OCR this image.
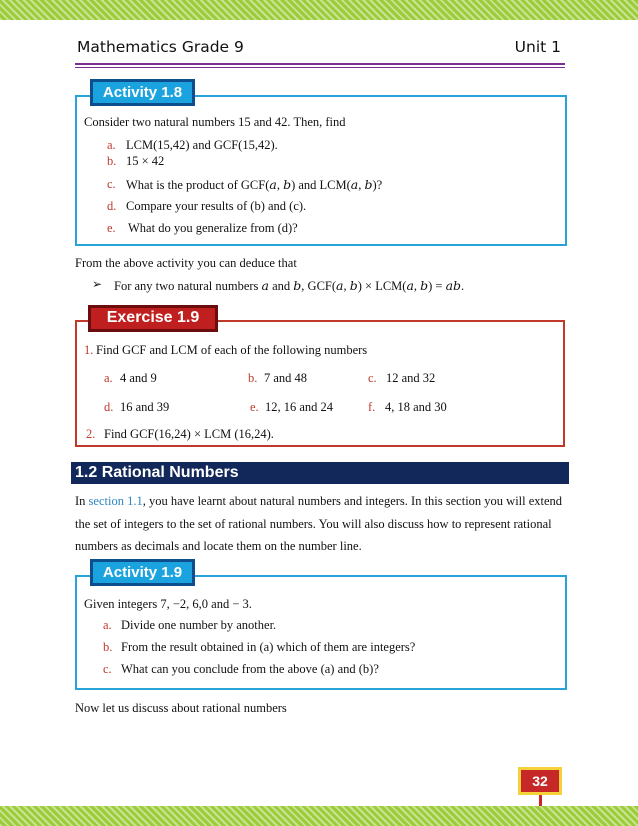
Mathematics Grade 9	Unit 1
Activity 1.8
Consider two natural numbers 15 and 42. Then, find
a. LCM(15,42) and GCF(15,42).
b. 15 × 42
c. What is the product of GCF(𝑎, 𝑏) and LCM(𝑎, 𝑏)?
d. Compare your results of (b) and (c).
e. What do you generalize from (d)?
From the above activity you can deduce that
➢ For any two natural numbers 𝑎 and 𝑏, GCF(𝑎, 𝑏) × LCM(𝑎, 𝑏) = 𝑎𝑏.
Exercise 1.9
1. Find GCF and LCM of each of the following numbers
a. 4 and 9	b. 7 and 48	c. 12 and 32
d. 16 and 39	e. 12, 16 and 24	f. 4, 18 and 30
2. Find GCF(16,24) × LCM (16,24).
1.2 Rational Numbers
In section 1.1, you have learnt about natural numbers and integers. In this section you will extend
the set of integers to the set of rational numbers. You will also discuss how to represent rational
numbers as decimals and locate them on the number line.
Activity 1.9
Given integers 7, −2, 6,0 and − 3.
a. Divide one number by another.
b. From the result obtained in (a) which of them are integers?
c. What can you conclude from the above (a) and (b)?
Now let us discuss about rational numbers
32
